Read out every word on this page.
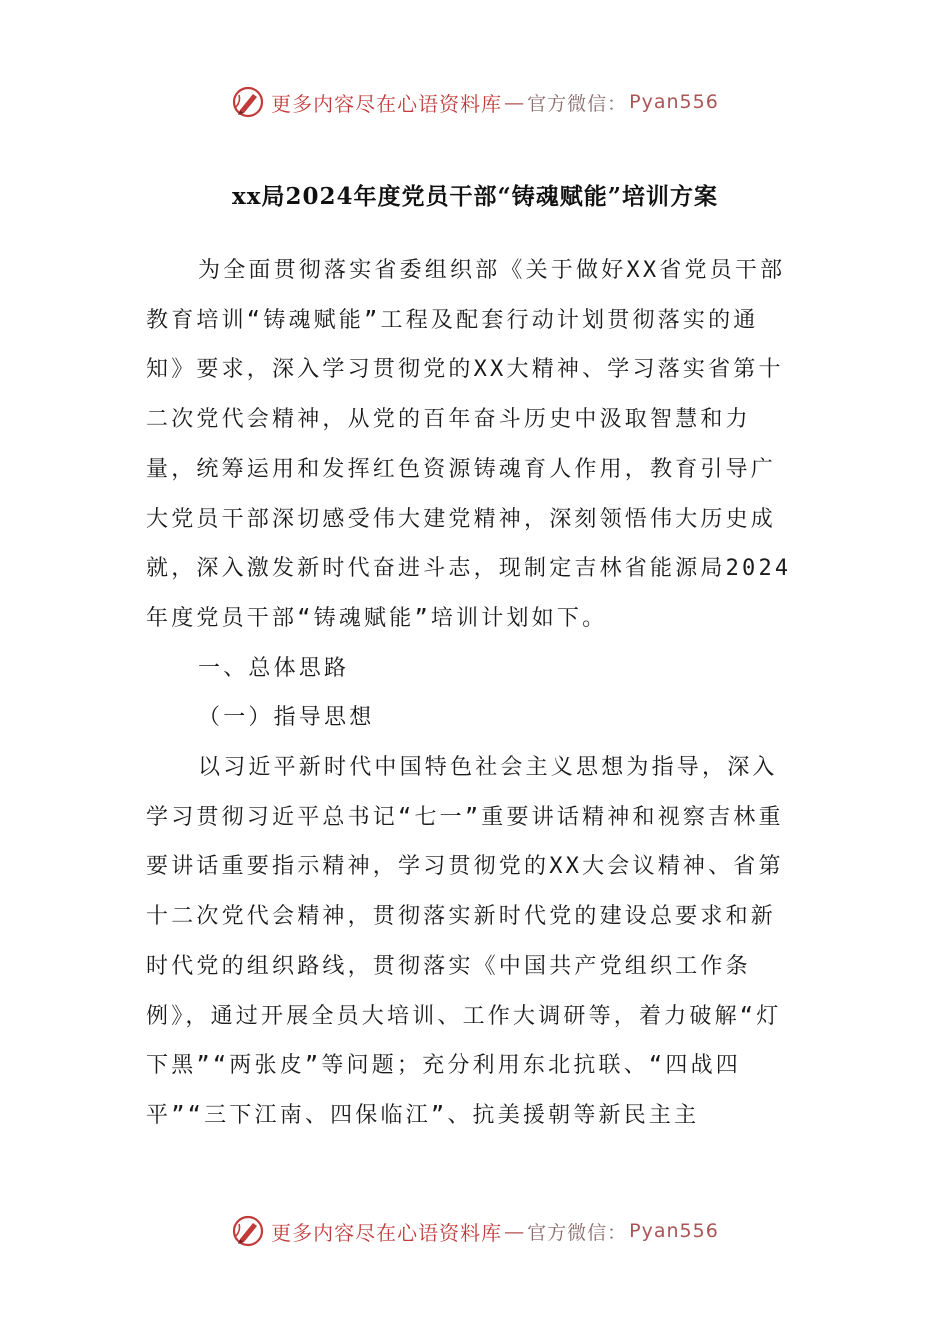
更多内容尽在心语资料库 — 官方微信： Pyan556
xx局2024年度党员干部“铸魂赋能”培训方案

为全面贯彻落实省委组织部《关于做好XX省党员干部教育培训“铸魂赋能”工程及配套行动计划贯彻落实的通知》要求，深入学习贯彻党的XX大精神、学习落实省第十二次党代会精神，从党的百年奋斗历史中汲取智慧和力量，统筹运用和发挥红色资源铸魂育人作用，教育引导广大党员干部深切感受伟大建党精神，深刻领悟伟大历史成就，深入激发新时代奋进斗志，现制定吉林省能源局2024年度党员干部“铸魂赋能”培训计划如下。

一、总体思路

（一）指导思想

以习近平新时代中国特色社会主义思想为指导，深入学习贯彻习近平总书记“七一”重要讲话精神和视察吉林重要讲话重要指示精神，学习贯彻党的XX大会议精神、省第十二次党代会精神，贯彻落实新时代党的建设总要求和新时代党的组织路线，贯彻落实《中国共产党组织工作条例》，通过开展全员大培训、工作大调研等，着力破解“灯下黑”“两张皮”等问题；充分利用东北抗联、“四战四平”“三下江南、四保临江”、抗美援朝等新民主主

更多内容尽在心语资料库 — 官方微信： Pyan556
